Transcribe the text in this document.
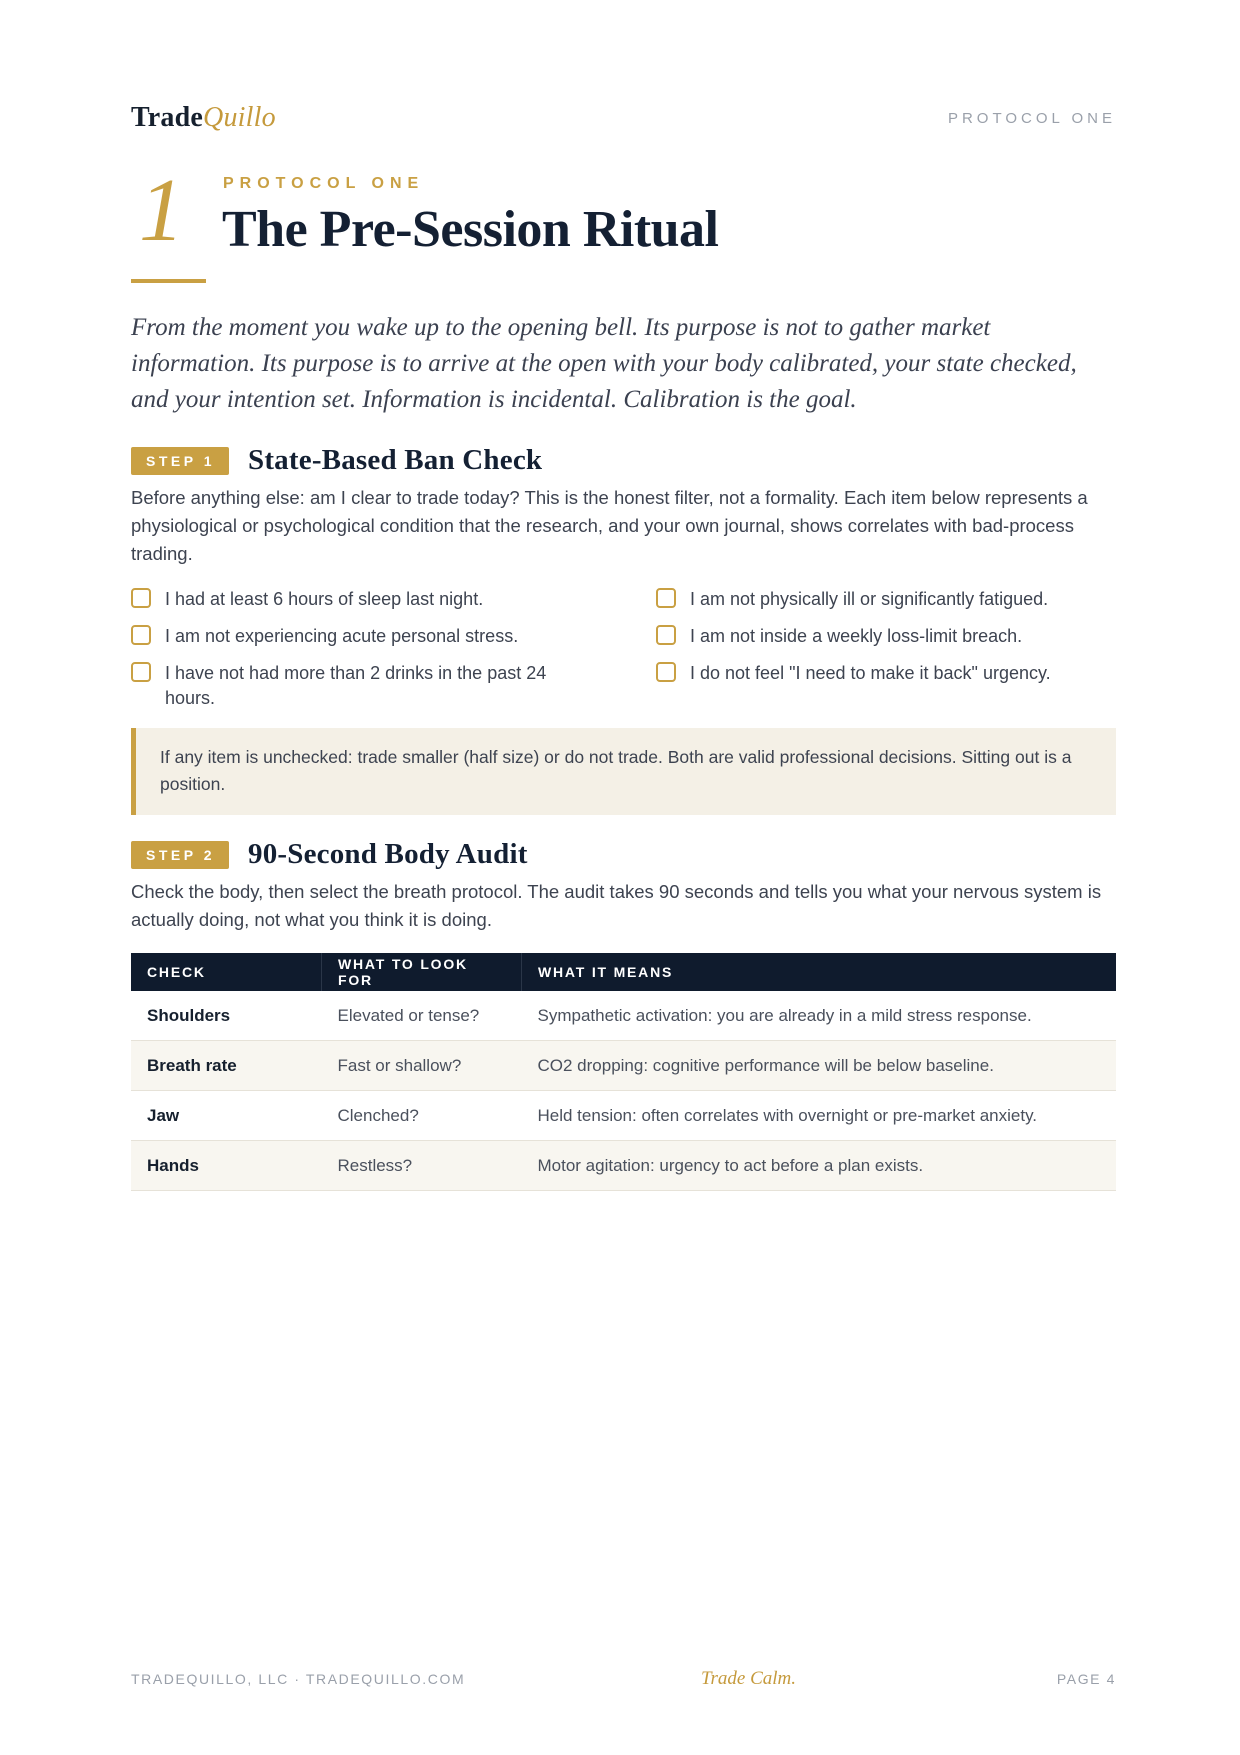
TradeQuillo	PROTOCOL ONE
1 PROTOCOL ONE
The Pre-Session Ritual

From the moment you wake up to the opening bell. Its purpose is not to gather market information. Its purpose is to arrive at the open with your body calibrated, your state checked, and your intention set. Information is incidental. Calibration is the goal.

STEP 1	State-Based Ban Check

Before anything else: am I clear to trade today? This is the honest filter, not a formality. Each item below represents a physiological or psychological condition that the research, and your own journal, shows correlates with bad-process trading.

I had at least 6 hours of sleep last night.	I am not physically ill or significantly fatigued.
I am not experiencing acute personal stress.	I am not inside a weekly loss-limit breach.
I have not had more than 2 drinks in the past 24 hours.
I do not feel "I need to make it back" urgency.
If any item is unchecked: trade smaller (half size) or do not trade. Both are valid professional decisions. Sitting out is a position.
STEP 2	90-Second Body Audit

Check the body, then select the breath protocol. The audit takes 90 seconds and tells you what your nervous system is actually doing, not what you think it is doing.

CHECK	WHAT TO LOOK FOR	WHAT IT MEANS
Shoulders	Elevated or tense?	Sympathetic activation: you are already in a mild stress response.
Breath rate	Fast or shallow?	CO2 dropping: cognitive performance will be below baseline.
Jaw	Clenched?	Held tension: often correlates with overnight or pre-market anxiety.
Hands	Restless?	Motor agitation: urgency to act before a plan exists.
TRADEQUILLO, LLC · TRADEQUILLO.COM	Trade Calm.	PAGE 4
